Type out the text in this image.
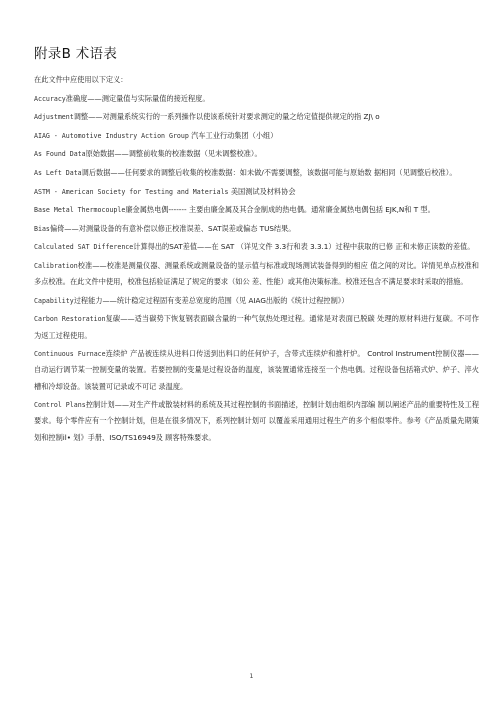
附录B 术语表

在此文件中应使用以下定义：

Accuracy准确度——测定量值与实际量值的接近程度。

Adjustment调整——对测量系统实行的一系列操作以使该系统针对要求测定的量之给定值提供规定的指 ZJ\ o

AIAG - Automotive Industry Action Group 汽车工业行动集团（小组）

As Found Data原始数据——调整前收集的校准数据（见未调整校准）。

As Left Data调后数据——任何要求的调整后收集的校准数据：如未做/不需要调整，该数据可能与原始数 据相同（见调整后校准）。

ASTM - American Society for Testing and Materials 美国测试及材料协会

Base Metal Thermocouple廉金属热电偶------- 主要由廉金属及其合金制成的热电偶。通常廉金属热电偶包括 EJK,N和 T 型。

Bias偏倚——对测量设备的有意补偿以修正校准误差、SAT误差或偏态 TUS结果。

Calculated SAT Difference计算得出的SAT差值——在 SAT （详见文件 3.3行和表 3.3.1）过程中获取的已修 正和未修正读数的差值。

Calibration校准——校准是测量仪器、测量系统或测量设备的显示值与标准或现场测试装备得到的相应 值之间的对比。详情见单点校准和多点校准。在此文件中使用，校准包括验证满足了规定的要求（如公 差、性能）或其他决策标准。校准还包含不满足要求时采取的措施。

Capability过程能力——统计稳定过程固有变差总宽度的范围（见 AIAG出版的《统计过程控制》）

Carbon Restoration复碳——适当碳势下恢复钢表面碳含量的一种气氛热处理过程。通常是对表面已脱碳 处理的原材料进行复碳。不可作为返工过程使用。

Continuous Furnace连续炉 产品被连续从进料口传送到出料口的任何炉子，含带式连续炉和推杆炉。 Control Instrument控制仪器——自动运行调节某一控制变量的装置。若要控制的变量是过程设备的温度，该装置通常连接至一个热电偶。过程设备包括箱式炉、炉子、淬火槽和冷却设备。该装置可记录或不可记 录温度。

Control Plans控制计划——对生产件或散装材料的系统及其过程控制的书面描述，控制计划由组织内部编 制以阐述产品的重要特性及工程要求。每个零件应有一个控制计划，但是在很多情况下，系列控制计划可 以覆盖采用通用过程生产的多个相似零件。参考《产品质量先期策划和控制il• 划》手册、ISO/TS16949及 顾客特殊要求。

1
